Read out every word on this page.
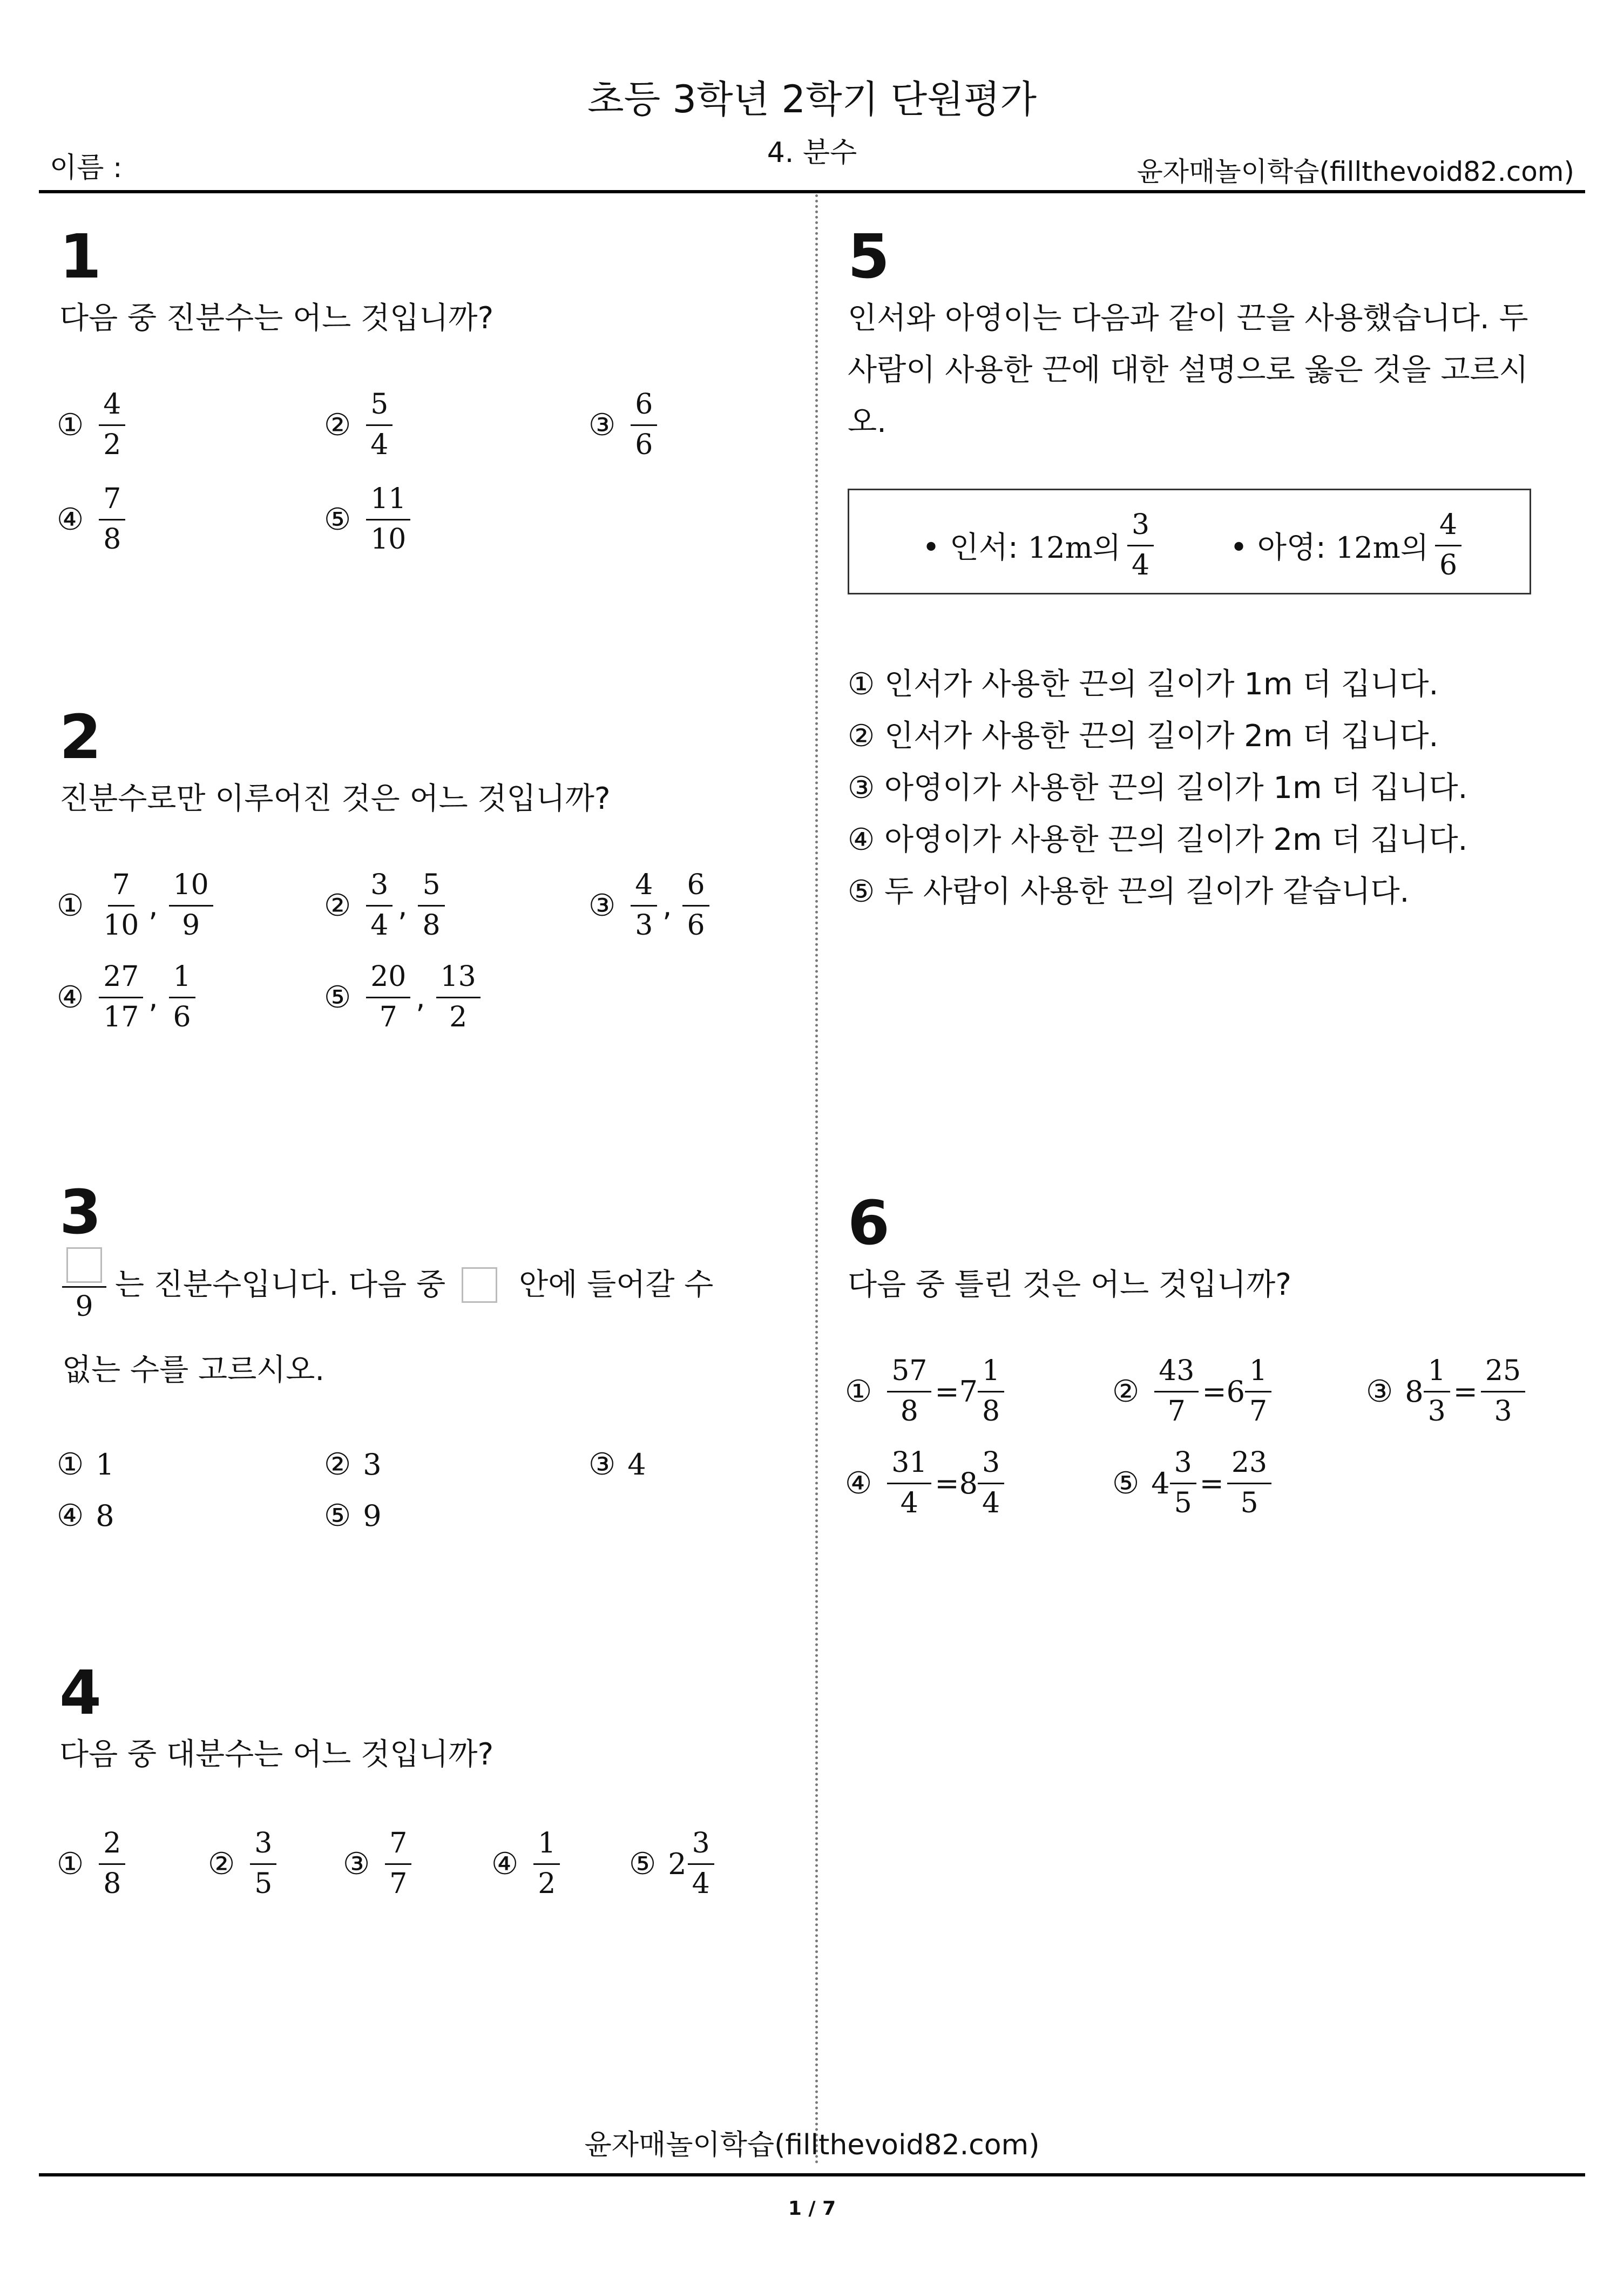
초등 3학년 2학기 단원평가
4. 분수
이름 :	윤자매놀이학습(fillthevoid82.com)
1
다음 중 진분수는 어느 것입니까?
① $\frac{4}{2}$	② $\frac{5}{4}$	③ $\frac{6}{6}$
④ $\frac{7}{8}$	⑤ $\frac{11}{10}$
2
진분수로만 이루어진 것은 어느 것입니까?
① $\frac{7}{10}$ , $\frac{10}{9}$	② $\frac{3}{4}$ , $\frac{5}{8}$	③ $\frac{4}{3}$ , $\frac{6}{6}$
④ $\frac{27}{17}$ , $\frac{1}{6}$	⑤ $\frac{20}{7}$ , $\frac{13}{2}$
3
9
는 진분수입니다. 다음 중 안에 들어갈 수
없는 수를 고르시오.
① 1	② 3	③ 4
④ 8	⑤ 9
4
다음 중 대분수는 어느 것입니까?
① $\frac{2}{8}$	② $\frac{3}{5}$ ③ $\frac{7}{7}$	④ $\frac{1}{2}$ ⑤ $2 \frac{3}{4}$
5
인서와 아영이는 다음과 같이 끈을 사용했습니다. 두
사람이 사용한 끈에 대한 설명으로 옳은 것을 고르시
오.
• 인서: 12m의 $\frac{3}{4}$	• 아영: 12m의 $\frac{4}{6}$
① 인서가 사용한 끈의 길이가 1m 더 깁니다.
② 인서가 사용한 끈의 길이가 2m 더 깁니다.
③ 아영이가 사용한 끈의 길이가 1m 더 깁니다.
④ 아영이가 사용한 끈의 길이가 2m 더 깁니다.
⑤ 두 사람이 사용한 끈의 길이가 같습니다.
6
다음 중 틀린 것은 어느 것입니까?
① $\frac{57}{8} = 7 \frac{1}{8}$	② $\frac{43}{7} = 6 \frac{1}{7}$	③ $8 \frac{1}{3} = \frac{25}{3}$
④ $\frac{31}{4} = 8 \frac{3}{4}$	⑤ $4 \frac{3}{5} = \frac{23}{5}$
윤자매놀이학습(fillthevoid82.com)
1 / 7
